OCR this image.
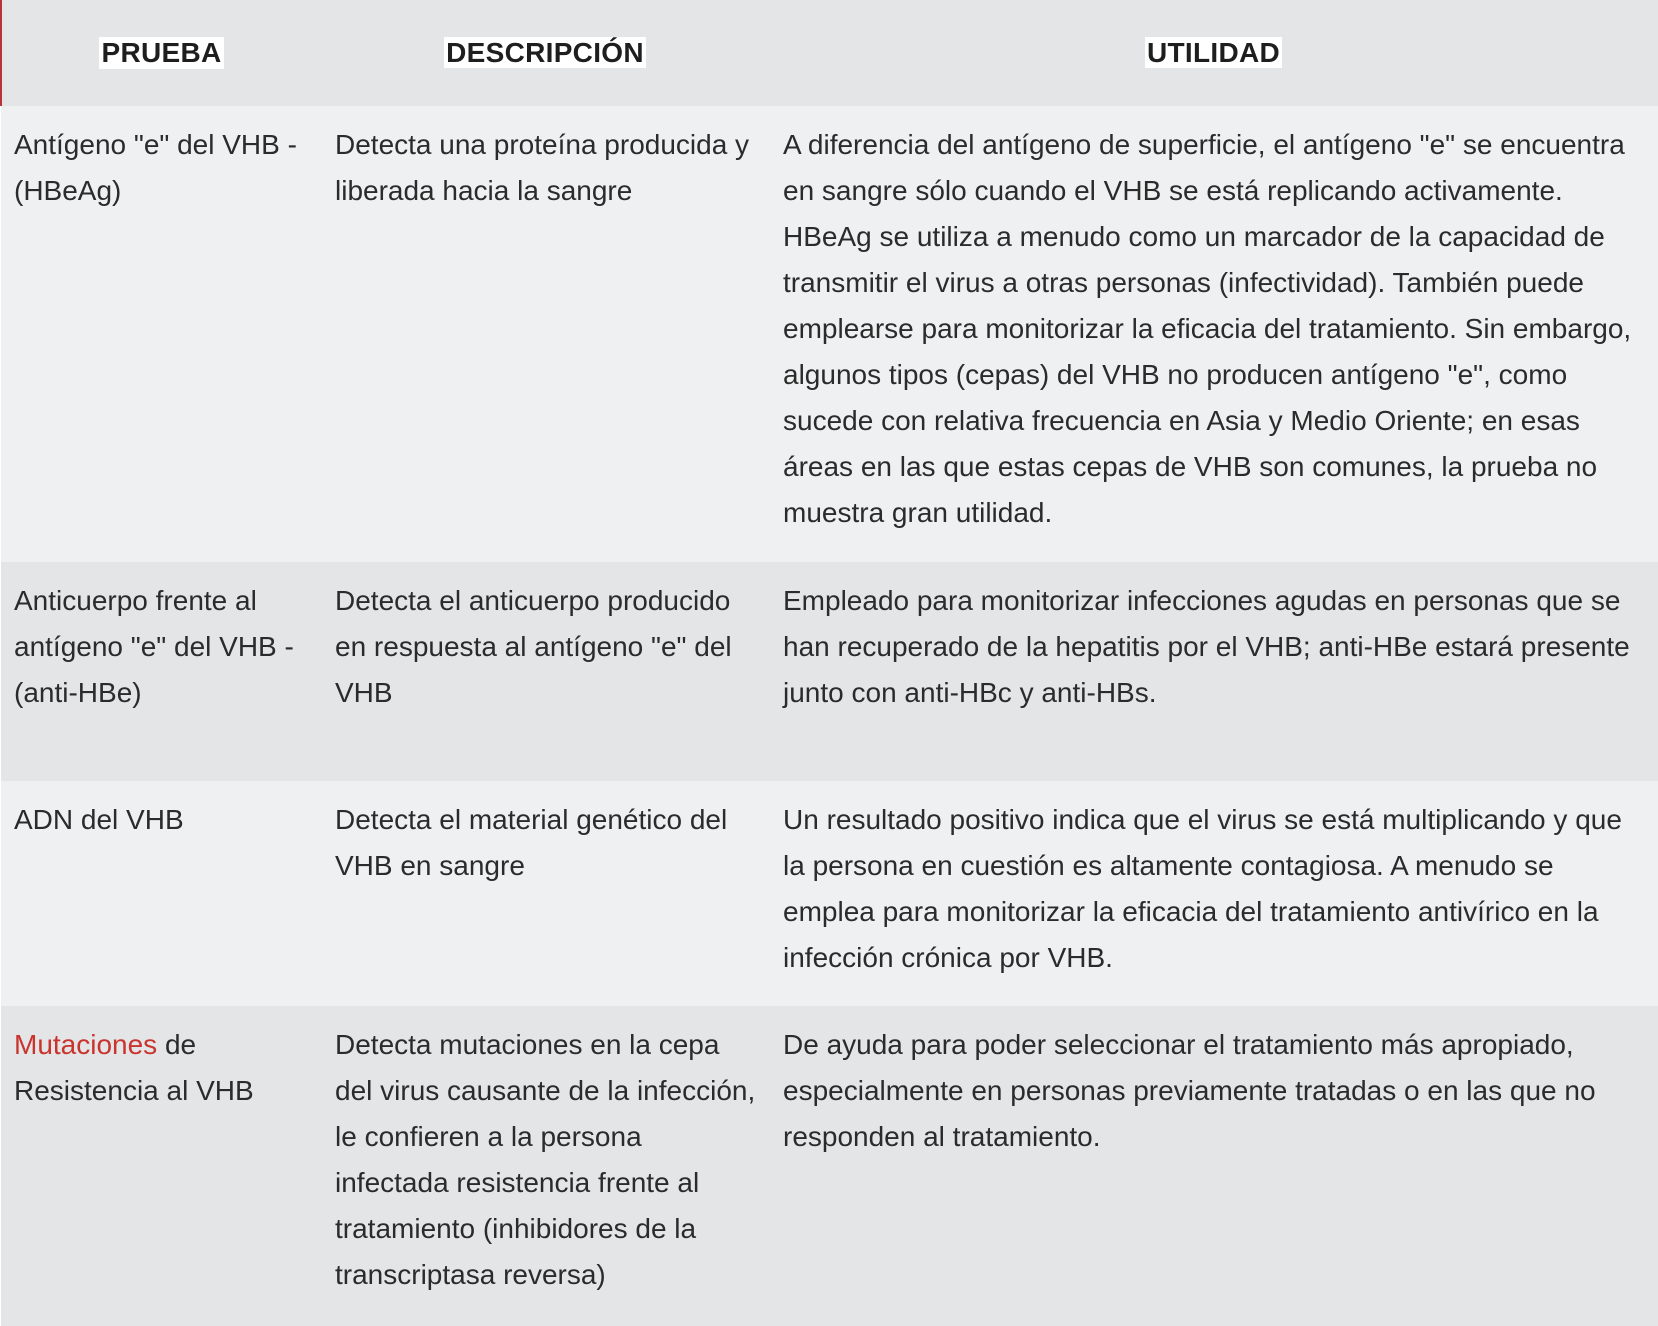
PRUEBA	DESCRIPCIÓN	UTILIDAD
Antígeno "e" del VHB - (HBeAg)	Detecta una proteína producida y liberada hacia la sangre	A diferencia del antígeno de superficie, el antígeno "e" se encuentra en sangre sólo cuando el VHB se está replicando activamente. HBeAg se utiliza a menudo como un marcador de la capacidad de transmitir el virus a otras personas (infectividad). También puede emplearse para monitorizar la eficacia del tratamiento. Sin embargo, algunos tipos (cepas) del VHB no producen antígeno "e", como sucede con relativa frecuencia en Asia y Medio Oriente; en esas áreas en las que estas cepas de VHB son comunes, la prueba no muestra gran utilidad.
Anticuerpo frente al antígeno "e" del VHB - (anti-HBe)	Detecta el anticuerpo producido en respuesta al antígeno "e" del VHB	Empleado para monitorizar infecciones agudas en personas que se han recuperado de la hepatitis por el VHB; anti-HBe estará presente junto con anti-HBc y anti-HBs.
ADN del VHB	Detecta el material genético del VHB en sangre	Un resultado positivo indica que el virus se está multiplicando y que la persona en cuestión es altamente contagiosa. A menudo se emplea para monitorizar la eficacia del tratamiento antivírico en la infección crónica por VHB.
Mutaciones de Resistencia al VHB	Detecta mutaciones en la cepa del virus causante de la infección, le confieren a la persona infectada resistencia frente al tratamiento (inhibidores de la transcriptasa reversa)	De ayuda para poder seleccionar el tratamiento más apropiado, especialmente en personas previamente tratadas o en las que no responden al tratamiento.
